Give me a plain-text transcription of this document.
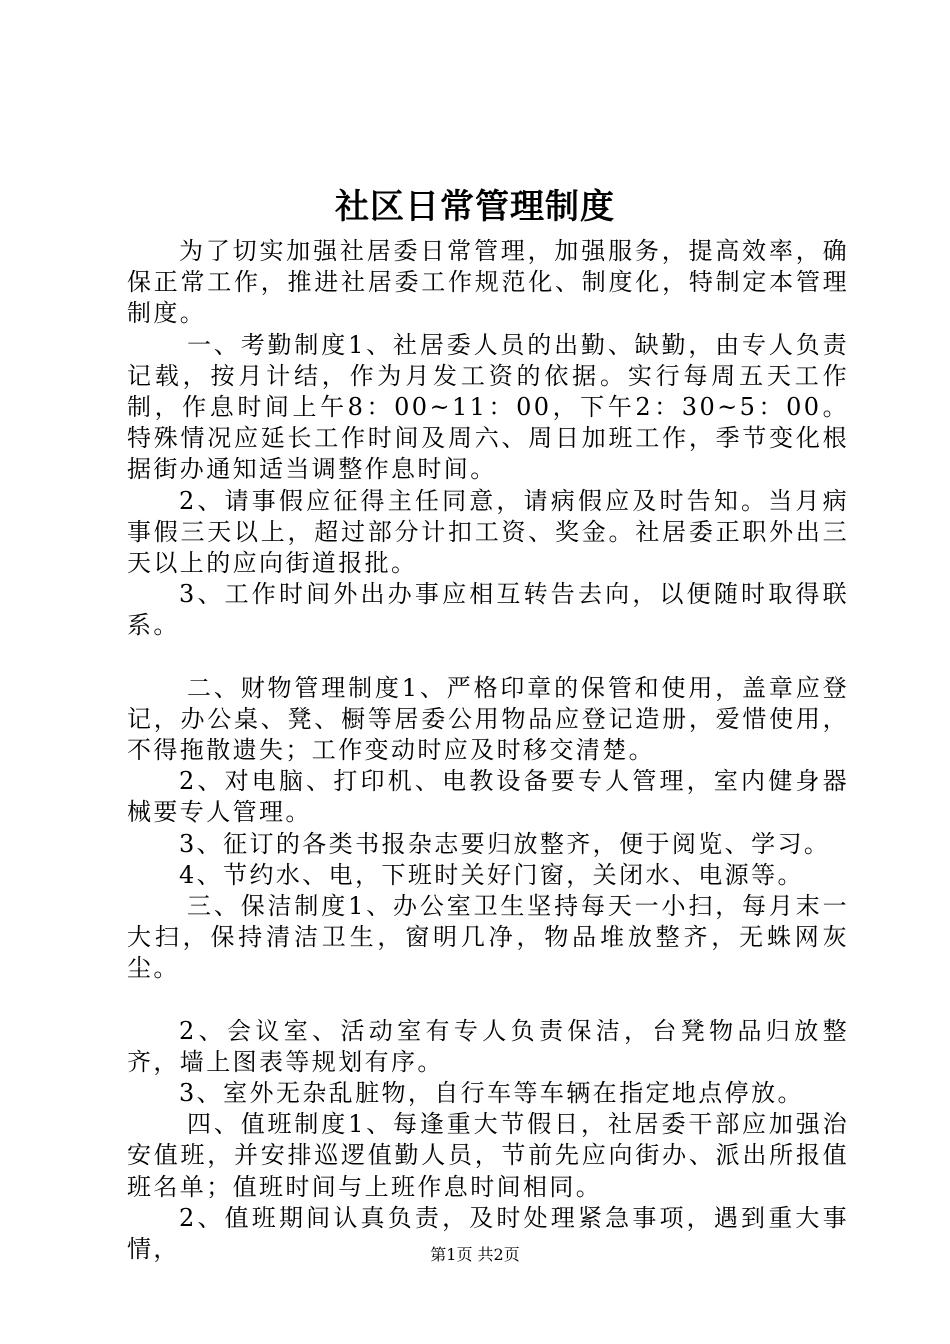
社区日常管理制度

为了切实加强社居委日常管理，加强服务，提高效率，确保正常工作，推进社居委工作规范化、制度化，特制定本管理制度。

一、考勤制度1、社居委人员的出勤、缺勤，由专人负责记载，按月计结，作为月发工资的依据。实行每周五天工作制，作息时间上午8：00~11：00，下午2：30~5：00。特殊情况应延长工作时间及周六、周日加班工作，季节变化根据街办通知适当调整作息时间。

2、请事假应征得主任同意，请病假应及时告知。当月病事假三天以上，超过部分计扣工资、奖金。社居委正职外出三天以上的应向街道报批。

3、工作时间外出办事应相互转告去向，以便随时取得联系。

二、财物管理制度1、严格印章的保管和使用，盖章应登记，办公桌、凳、橱等居委公用物品应登记造册，爱惜使用，不得拖散遗失；工作变动时应及时移交清楚。

2、对电脑、打印机、电教设备要专人管理，室内健身器械要专人管理。

3、征订的各类书报杂志要归放整齐，便于阅览、学习。

4、节约水、电，下班时关好门窗，关闭水、电源等。

三、保洁制度1、办公室卫生坚持每天一小扫，每月末一大扫，保持清洁卫生，窗明几净，物品堆放整齐，无蛛网灰尘。

2、会议室、活动室有专人负责保洁，台凳物品归放整齐，墙上图表等规划有序。

3、室外无杂乱脏物，自行车等车辆在指定地点停放。

四、值班制度1、每逢重大节假日，社居委干部应加强治安值班，并安排巡逻值勤人员，节前先应向街办、派出所报值班名单；值班时间与上班作息时间相同。

2、值班期间认真负责，及时处理紧急事项，遇到重大事情，	第1页 共2页
